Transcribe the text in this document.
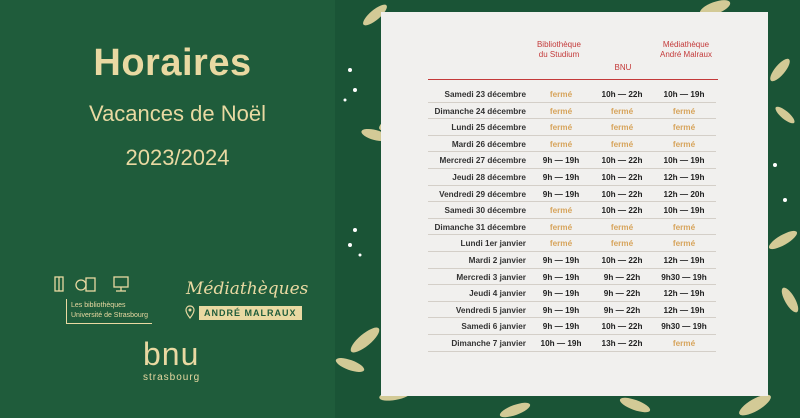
Horaires
Vacances de Noël
2023/2024
Bibliothèque
du Studium
BNU
Médiathèque
André Malraux
Samedi 23 décembre	fermé	10h — 22h	10h — 19h
Dimanche 24 décembre	fermé	fermé	fermé
Lundi 25 décembre	fermé	fermé	fermé
Mardi 26 décembre	fermé	fermé	fermé
Mercredi 27 décembre	9h — 19h	10h — 22h	10h — 19h
Jeudi 28 décembre	9h — 19h	10h — 22h	12h — 19h
Vendredi 29 décembre	9h — 19h	10h — 22h	12h — 20h
Samedi 30 décembre	fermé	10h — 22h	10h — 19h
Dimanche 31 décembre	fermé	fermé	fermé
Lundi 1er janvier	fermé	fermé	fermé
Mardi 2 janvier	9h — 19h	10h — 22h	12h — 19h
Mercredi 3 janvier	9h — 19h	9h — 22h	9h30 — 19h
Jeudi 4 janvier	9h — 19h	9h — 22h	12h — 19h
Vendredi 5 janvier	9h — 19h	9h — 22h	12h — 19h
Samedi 6 janvier	9h — 19h	10h — 22h	9h30 — 19h
Dimanche 7 janvier	10h — 19h	13h — 22h	fermé
Les bibliothèques
Université de Strasbourg
Médiathèques
ANDRÉ MALRAUX
bnu
strasbourg
